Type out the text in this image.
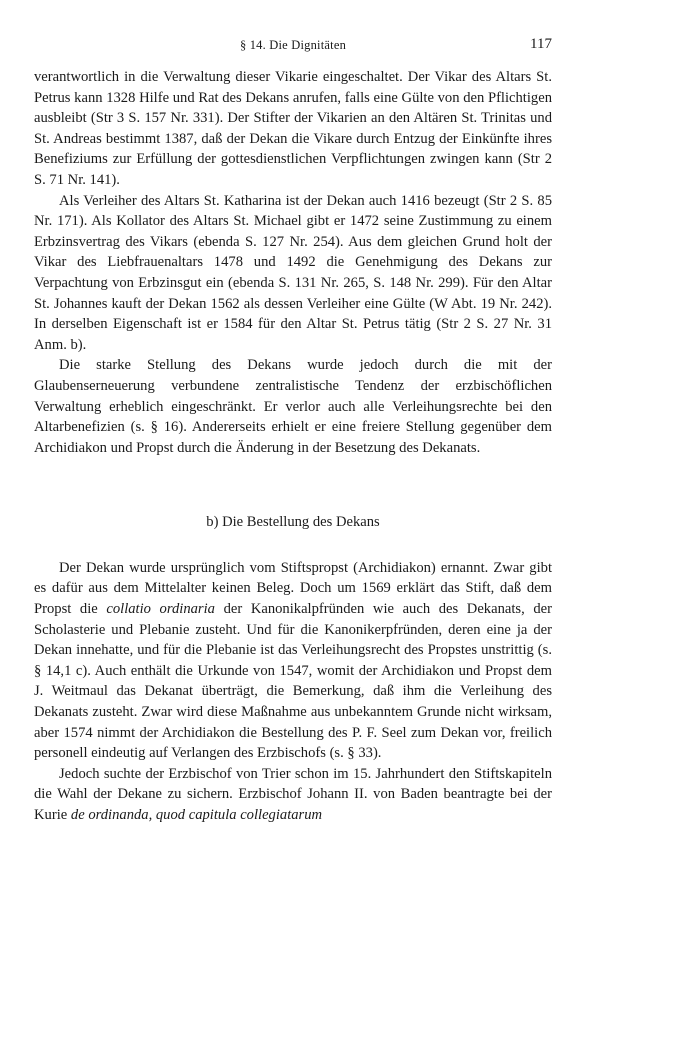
§ 14. Die Dignitäten	117

verantwortlich in die Verwaltung dieser Vikarie eingeschaltet. Der Vikar des Altars St. Petrus kann 1328 Hilfe und Rat des Dekans anrufen, falls eine Gülte von den Pflichtigen ausbleibt (Str 3 S. 157 Nr. 331). Der Stifter der Vikarien an den Altären St. Trinitas und St. Andreas bestimmt 1387, daß der Dekan die Vikare durch Entzug der Einkünfte ihres Benefiziums zur Erfüllung der gottesdienstlichen Verpflichtungen zwingen kann (Str 2 S. 71 Nr. 141).

Als Verleiher des Altars St. Katharina ist der Dekan auch 1416 bezeugt (Str 2 S. 85 Nr. 171). Als Kollator des Altars St. Michael gibt er 1472 seine Zustimmung zu einem Erbzinsvertrag des Vikars (ebenda S. 127 Nr. 254). Aus dem gleichen Grund holt der Vikar des Liebfrauenaltars 1478 und 1492 die Genehmigung des Dekans zur Verpachtung von Erbzinsgut ein (ebenda S. 131 Nr. 265, S. 148 Nr. 299). Für den Altar St. Johannes kauft der Dekan 1562 als dessen Verleiher eine Gülte (W Abt. 19 Nr. 242). In derselben Eigenschaft ist er 1584 für den Altar St. Petrus tätig (Str 2 S. 27 Nr. 31 Anm. b).

Die starke Stellung des Dekans wurde jedoch durch die mit der Glaubenserneuerung verbundene zentralistische Tendenz der erzbischöflichen Verwaltung erheblich eingeschränkt. Er verlor auch alle Verleihungsrechte bei den Altarbenefizien (s. § 16). Andererseits erhielt er eine freiere Stellung gegenüber dem Archidiakon und Propst durch die Änderung in der Besetzung des Dekanats.

b) Die Bestellung des Dekans

Der Dekan wurde ursprünglich vom Stiftspropst (Archidiakon) ernannt. Zwar gibt es dafür aus dem Mittelalter keinen Beleg. Doch um 1569 erklärt das Stift, daß dem Propst die collatio ordinaria der Kanonikalpfründen wie auch des Dekanats, der Scholasterie und Plebanie zusteht. Und für die Kanonikerpfründen, deren eine ja der Dekan innehatte, und für die Plebanie ist das Verleihungsrecht des Propstes unstrittig (s. § 14,1 c). Auch enthält die Urkunde von 1547, womit der Archidiakon und Propst dem J. Weitmaul das Dekanat überträgt, die Bemerkung, daß ihm die Verleihung des Dekanats zusteht. Zwar wird diese Maßnahme aus unbekanntem Grunde nicht wirksam, aber 1574 nimmt der Archidiakon die Bestellung des P. F. Seel zum Dekan vor, freilich personell eindeutig auf Verlangen des Erzbischofs (s. § 33).

Jedoch suchte der Erzbischof von Trier schon im 15. Jahrhundert den Stiftskapiteln die Wahl der Dekane zu sichern. Erzbischof Johann II. von Baden beantragte bei der Kurie de ordinanda, quod capitula collegiatarum
